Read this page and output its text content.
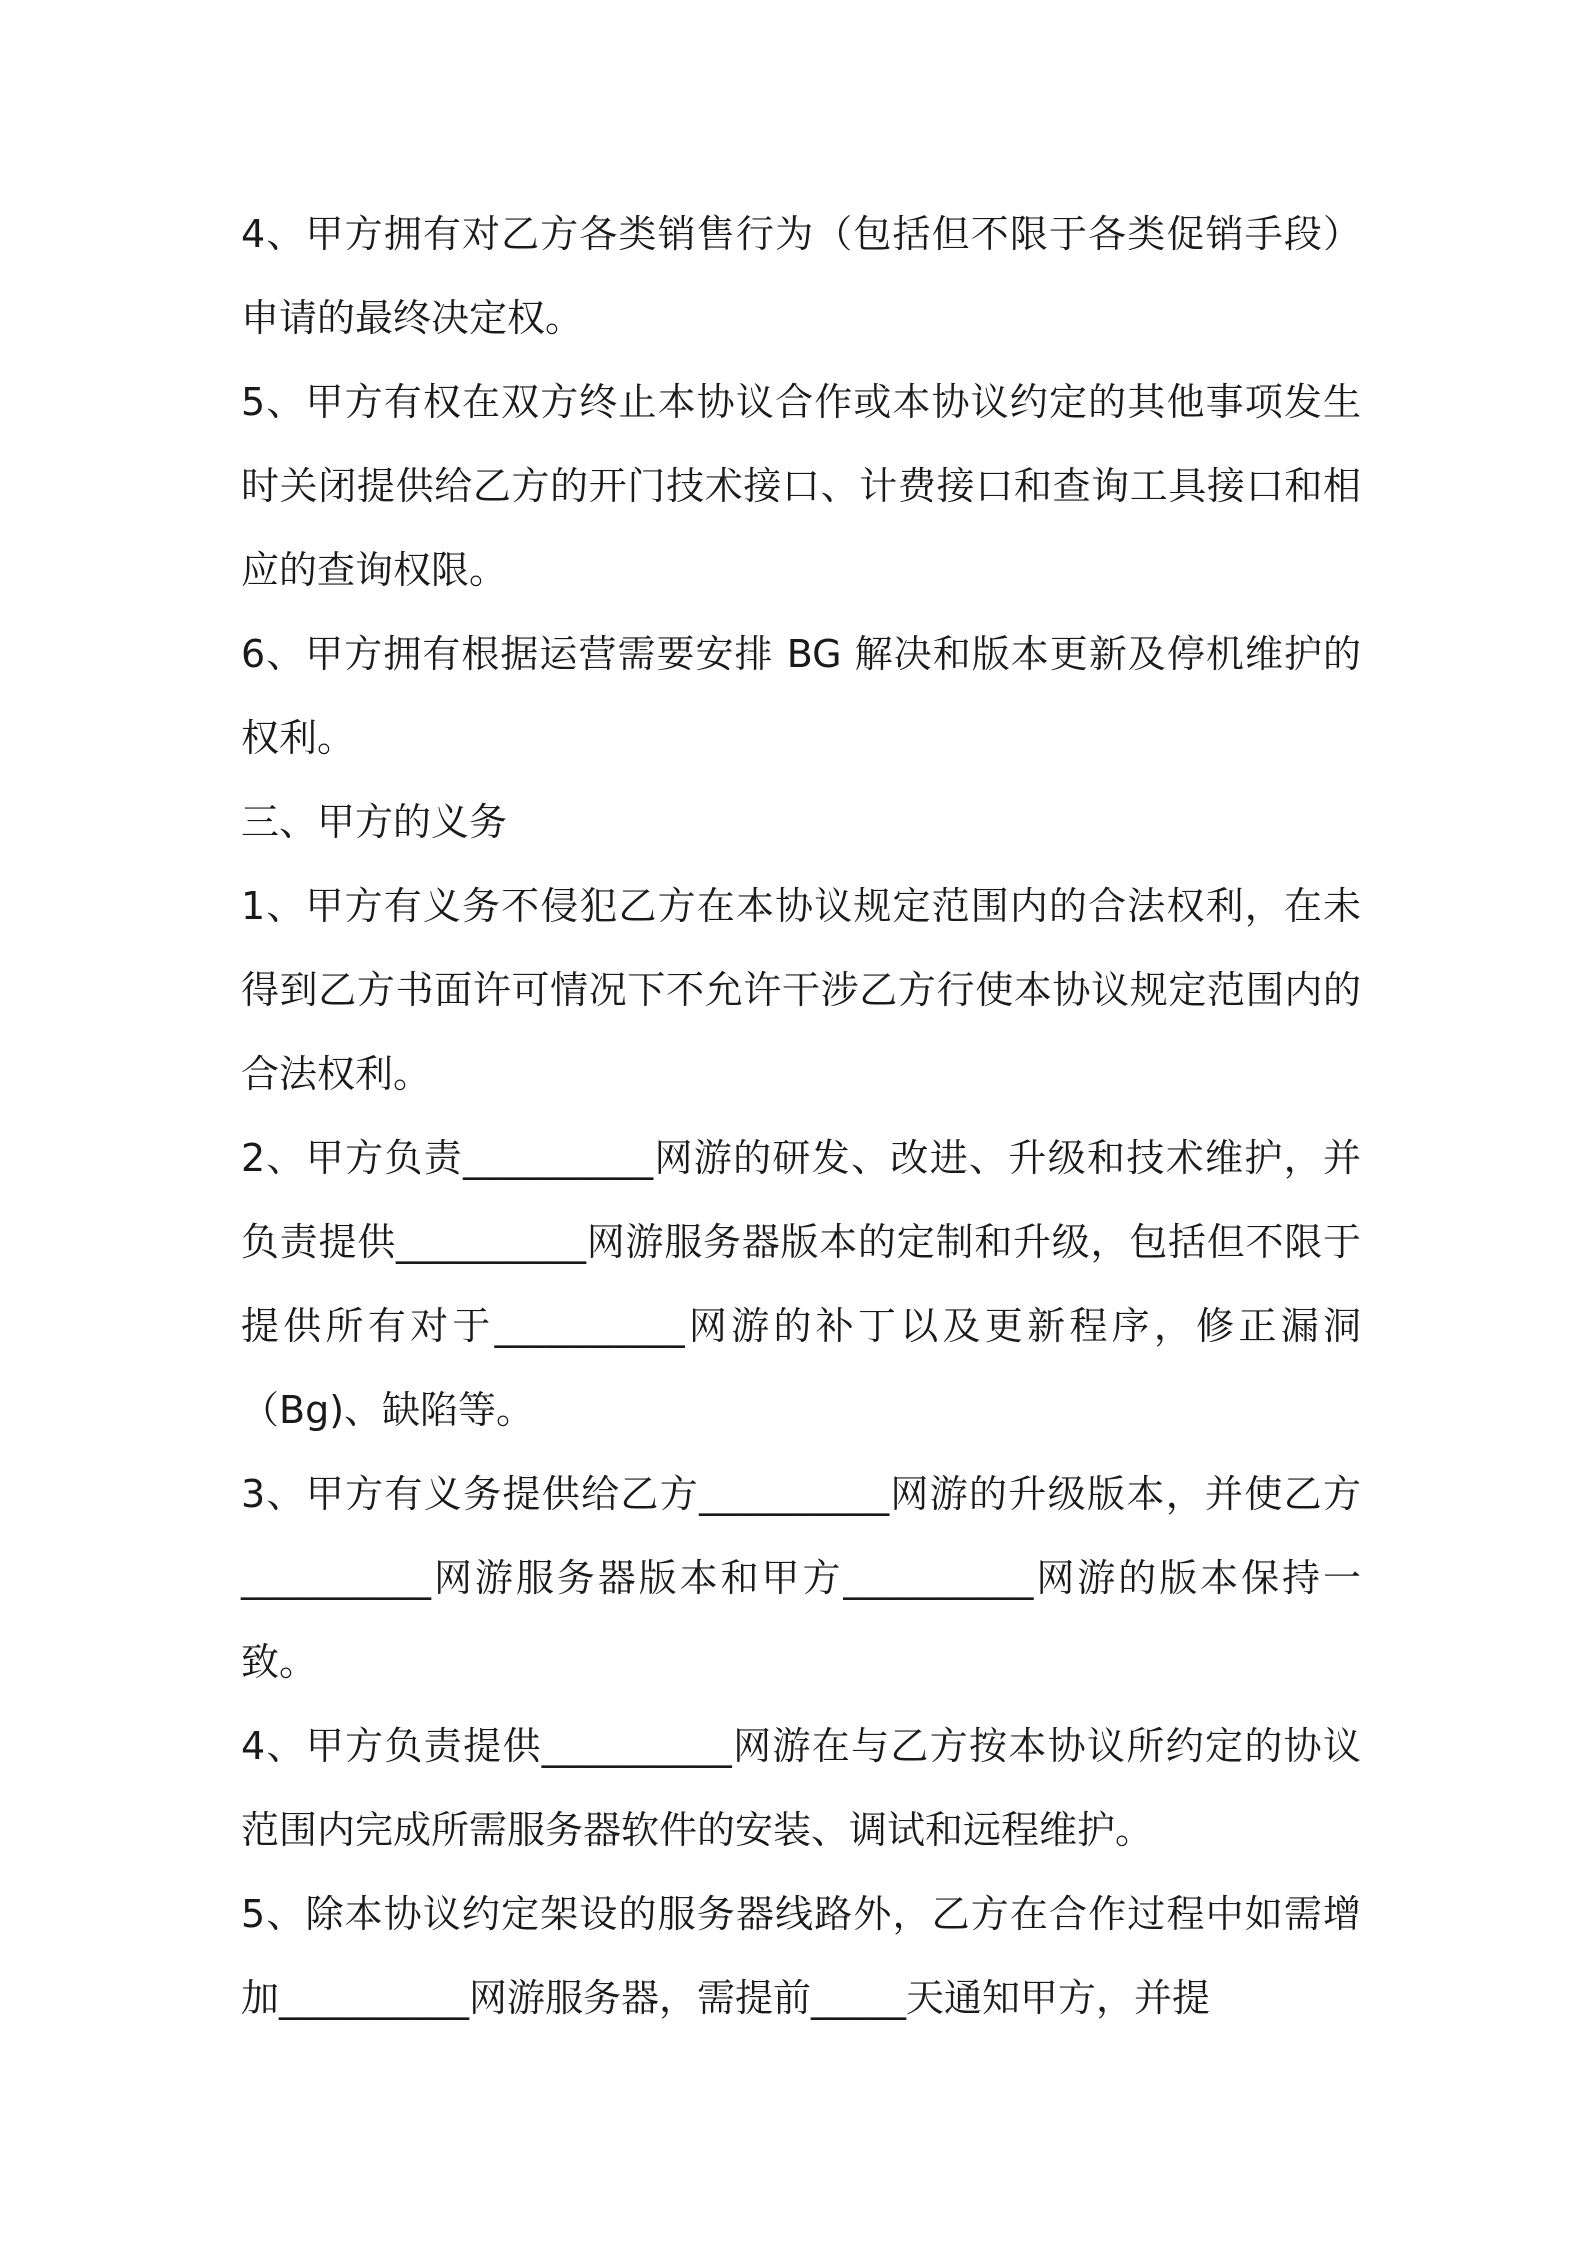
4、甲方拥有对乙方各类销售行为（包括但不限于各类促销手段）申请的最终决定权。

5、甲方有权在双方终止本协议合作或本协议约定的其他事项发生时关闭提供给乙方的开门技术接口、计费接口和查询工具接口和相应的查询权限。

6、甲方拥有根据运营需要安排 BG 解决和版本更新及停机维护的权利。

三、甲方的义务

1、甲方有义务不侵犯乙方在本协议规定范围内的合法权利，在未得到乙方书面许可情况下不允许干涉乙方行使本协议规定范围内的合法权利。

2、甲方负责__________网游的研发、改进、升级和技术维护，并负责提供__________网游服务器版本的定制和升级，包括但不限于提供所有对于__________网游的补丁以及更新程序，修正漏洞（Bg)、缺陷等。

3、甲方有义务提供给乙方__________网游的升级版本，并使乙方__________网游服务器版本和甲方__________网游的版本保持一致。

4、甲方负责提供__________网游在与乙方按本协议所约定的协议范围内完成所需服务器软件的安装、调试和远程维护。

5、除本协议约定架设的服务器线路外，乙方在合作过程中如需增加__________网游服务器，需提前_____天通知甲方，并提
